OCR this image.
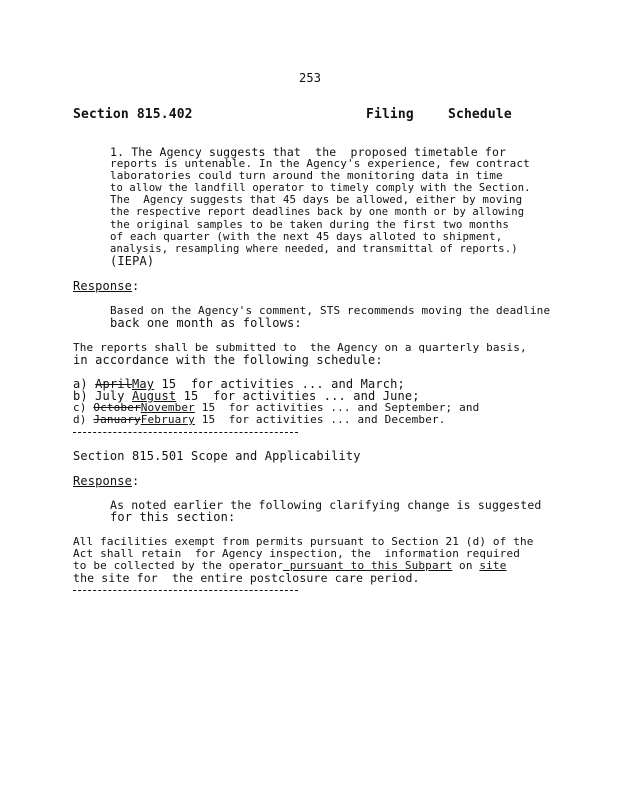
253
Section 815.402	Filing	Schedule
1. The Agency suggests that  the  proposed timetable for
reports is untenable. In the Agency's experience, few contract
laboratories could turn around the monitoring data in time
to allow the landfill operator to timely comply with the Section.
The  Agency suggests that 45 days be allowed, either by moving
the respective report deadlines back by one month or by allowing
the original samples to be taken during the first two months
of each quarter (with the next 45 days alloted to shipment,
analysis, resampling where needed, and transmittal of reports.)
(IEPA)
Response:
Based on the Agency's comment, STS recommends moving the deadline
back one month as follows:
The reports shall be submitted to  the Agency on a quarterly basis,
in accordance with the following schedule:
a) AprilMay 15  for activities ... and March;
b) July August 15  for activities ... and June;
c) OctoberNovember 15  for activities ... and September; and
d) JanuaryFebruary 15  for activities ... and December.
Section 815.501 Scope and Applicability
Response:
As noted earlier the following clarifying change is suggested
for this section:
All facilities exempt from permits pursuant to Section 21 (d) of the
Act shall retain  for Agency inspection, the  information required
to be collected by the operator pursuant to this Subpart on site
the site for  the entire postclosure care period.
